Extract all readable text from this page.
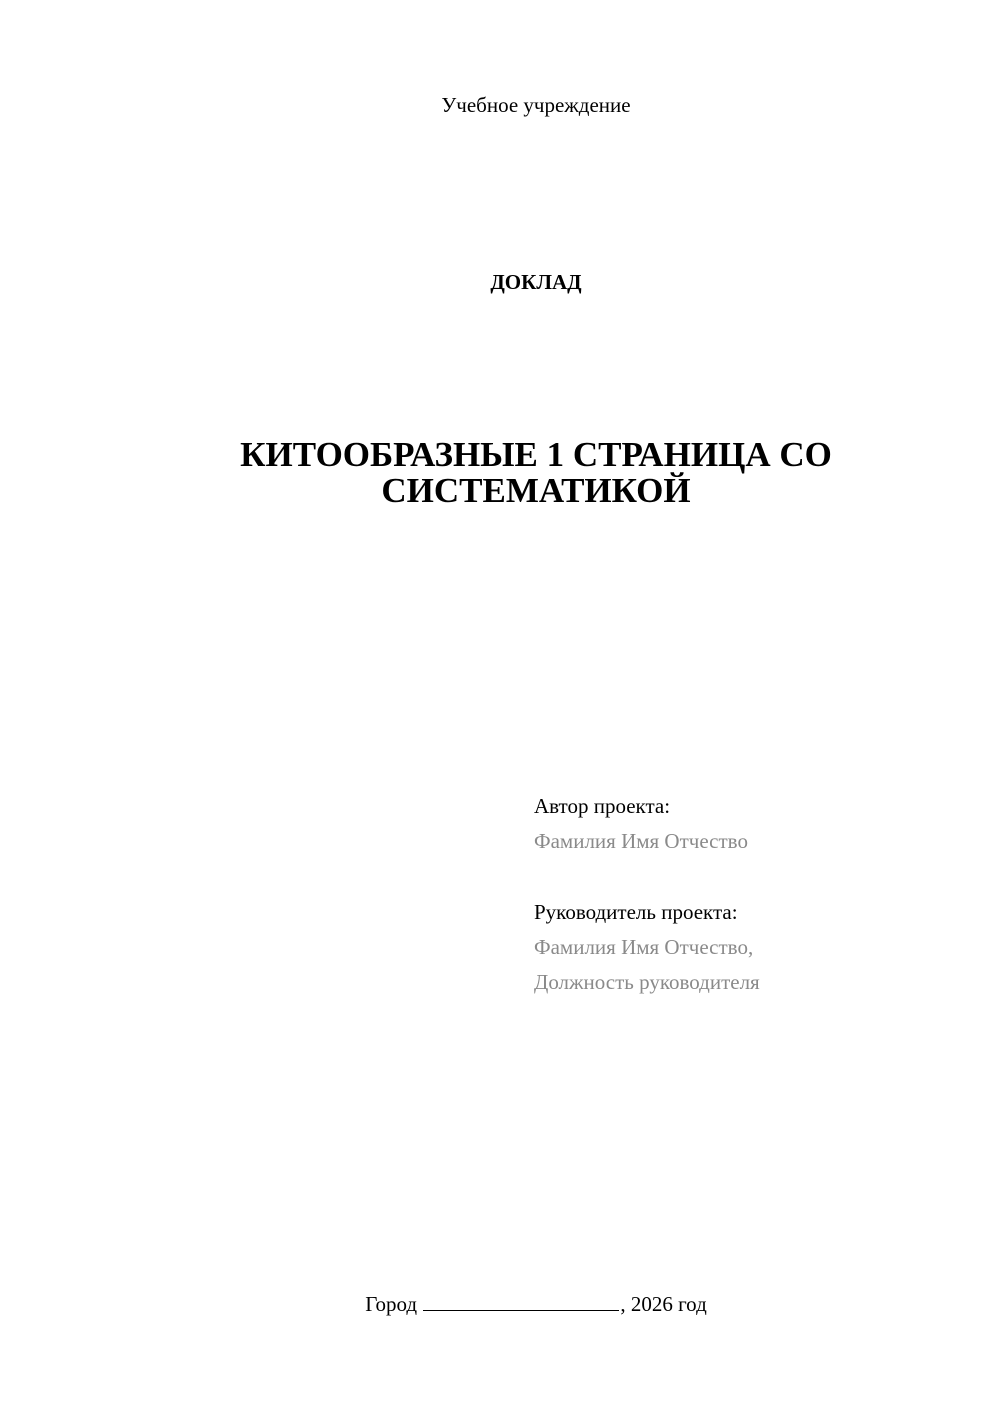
Учебное учреждение
ДОКЛАД
КИТООБРАЗНЫЕ 1 СТРАНИЦА СО СИСТЕМАТИКОЙ
Автор проекта:
Фамилия Имя Отчество
Руководитель проекта:
Фамилия Имя Отчество,
Должность руководителя
Город	, 2026 год
